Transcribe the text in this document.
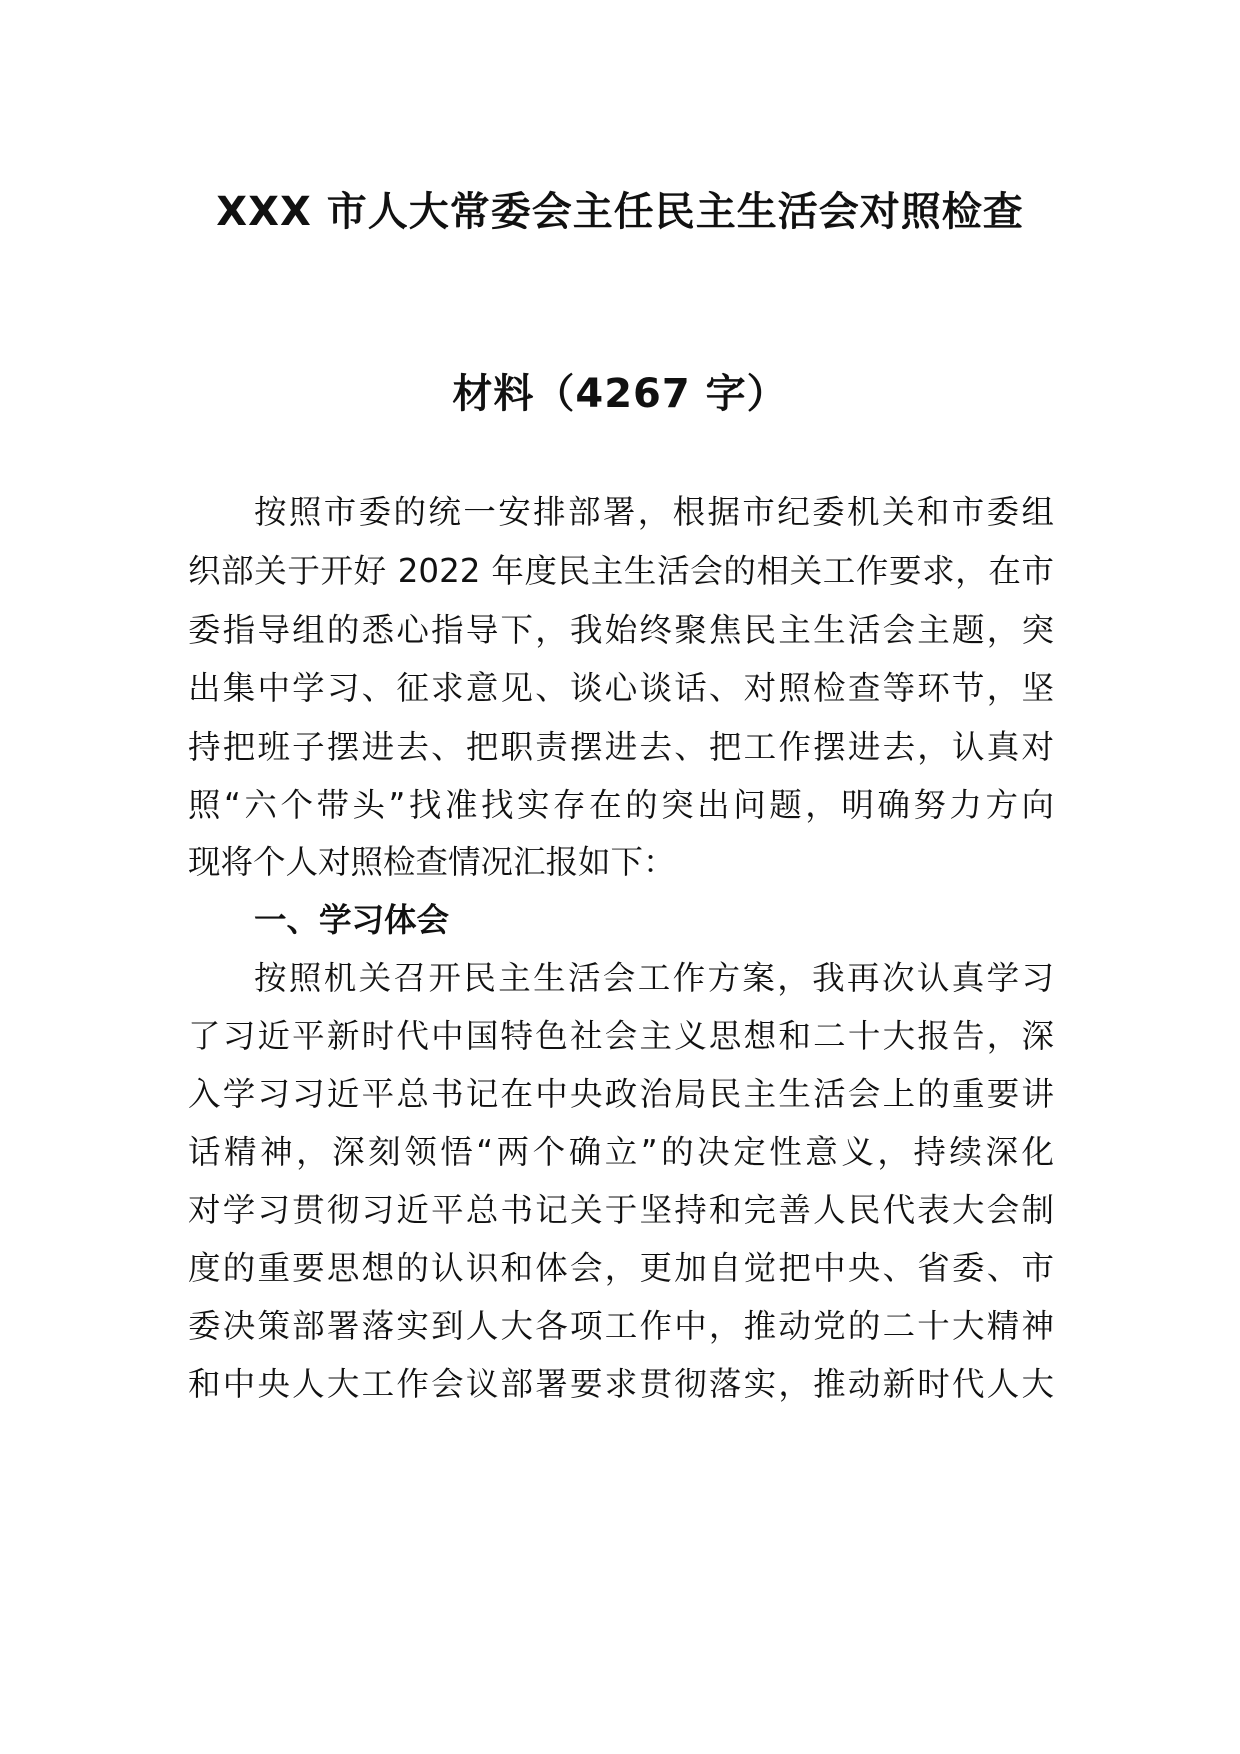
XXX 市人大常委会主任民主生活会对照检查
材料（4267 字）
按照市委的统一安排部署，根据市纪委机关和市委组
织部关于开好 2022 年度民主生活会的相关工作要求，在市
委指导组的悉心指导下，我始终聚焦民主生活会主题，突
出集中学习、征求意见、谈心谈话、对照检查等环节，坚
持把班子摆进去、把职责摆进去、把工作摆进去，认真对
照“六个带头”找准找实存在的突出问题，明确努力方向
现将个人对照检查情况汇报如下：
一、学习体会
按照机关召开民主生活会工作方案，我再次认真学习
了习近平新时代中国特色社会主义思想和二十大报告，深
入学习习近平总书记在中央政治局民主生活会上的重要讲
话精神，深刻领悟“两个确立”的决定性意义，持续深化
对学习贯彻习近平总书记关于坚持和完善人民代表大会制
度的重要思想的认识和体会，更加自觉把中央、省委、市
委决策部署落实到人大各项工作中，推动党的二十大精神
和中央人大工作会议部署要求贯彻落实，推动新时代人大
